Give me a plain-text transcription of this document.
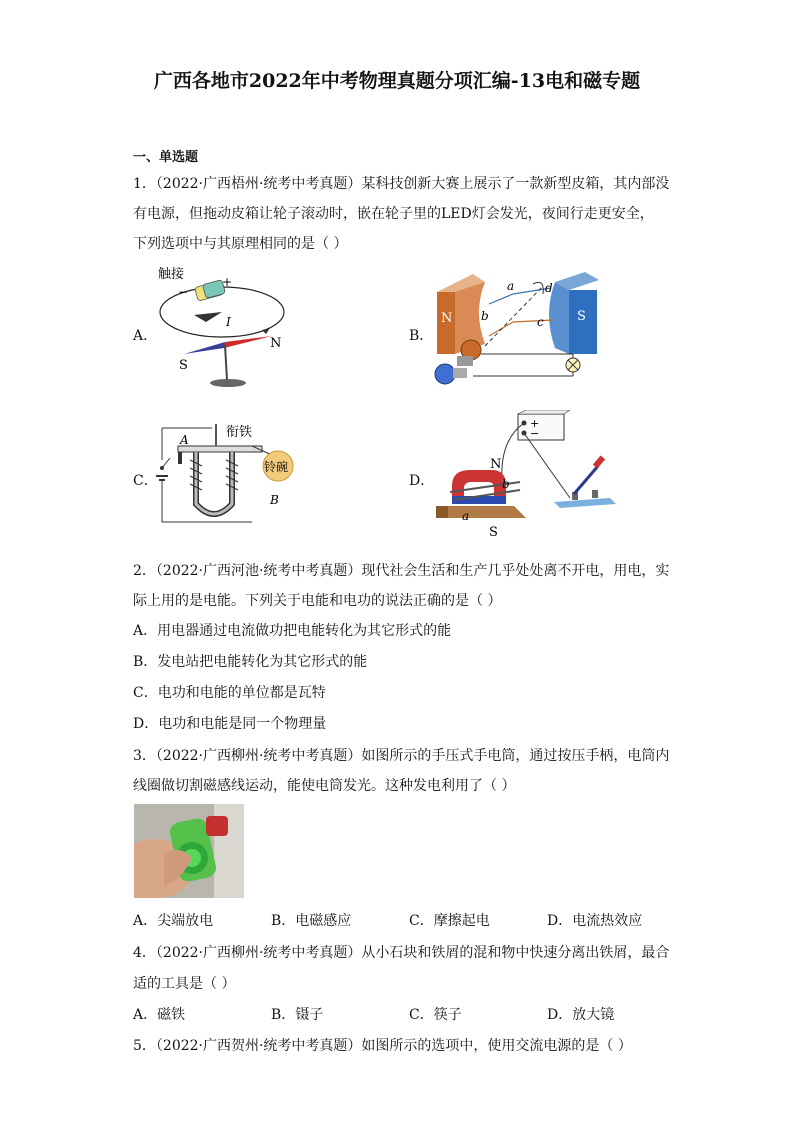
广西各地市2022年中考物理真题分项汇编-13电和磁专题
一、单选题
1．（2022·广西梧州·统考中考真题）某科技创新大赛上展示了一款新型皮箱，其内部没
有电源，但拖动皮箱让轮子滚动时，嵌在轮子里的LED灯会发光，夜间行走更安全，
下列选项中与其原理相同的是（ ）
A．	B．
C．	D．
触接
−
+
I
S
N
N	S
a
b	c
d
A	衔铁
铃碗
B
+
−
N
S
a
b
2．（2022·广西河池·统考中考真题）现代社会生活和生产几乎处处离不开电，用电，实
际上用的是电能。下列关于电能和电功的说法正确的是（ ）
A．用电器通过电流做功把电能转化为其它形式的能
B．发电站把电能转化为其它形式的能
C．电功和电能的单位都是瓦特
D．电功和电能是同一个物理量
3．（2022·广西柳州·统考中考真题）如图所示的手压式手电筒，通过按压手柄，电筒内
线圈做切割磁感线运动，能使电筒发光。这种发电利用了（ ）
A．尖端放电	B．电磁感应	C．摩擦起电	D．电流热效应
4．（2022·广西柳州·统考中考真题）从小石块和铁屑的混和物中快速分离出铁屑，最合
适的工具是（ ）
A．磁铁	B．镊子	C．筷子	D．放大镜
5．（2022·广西贺州·统考中考真题）如图所示的选项中，使用交流电源的是（ ）
